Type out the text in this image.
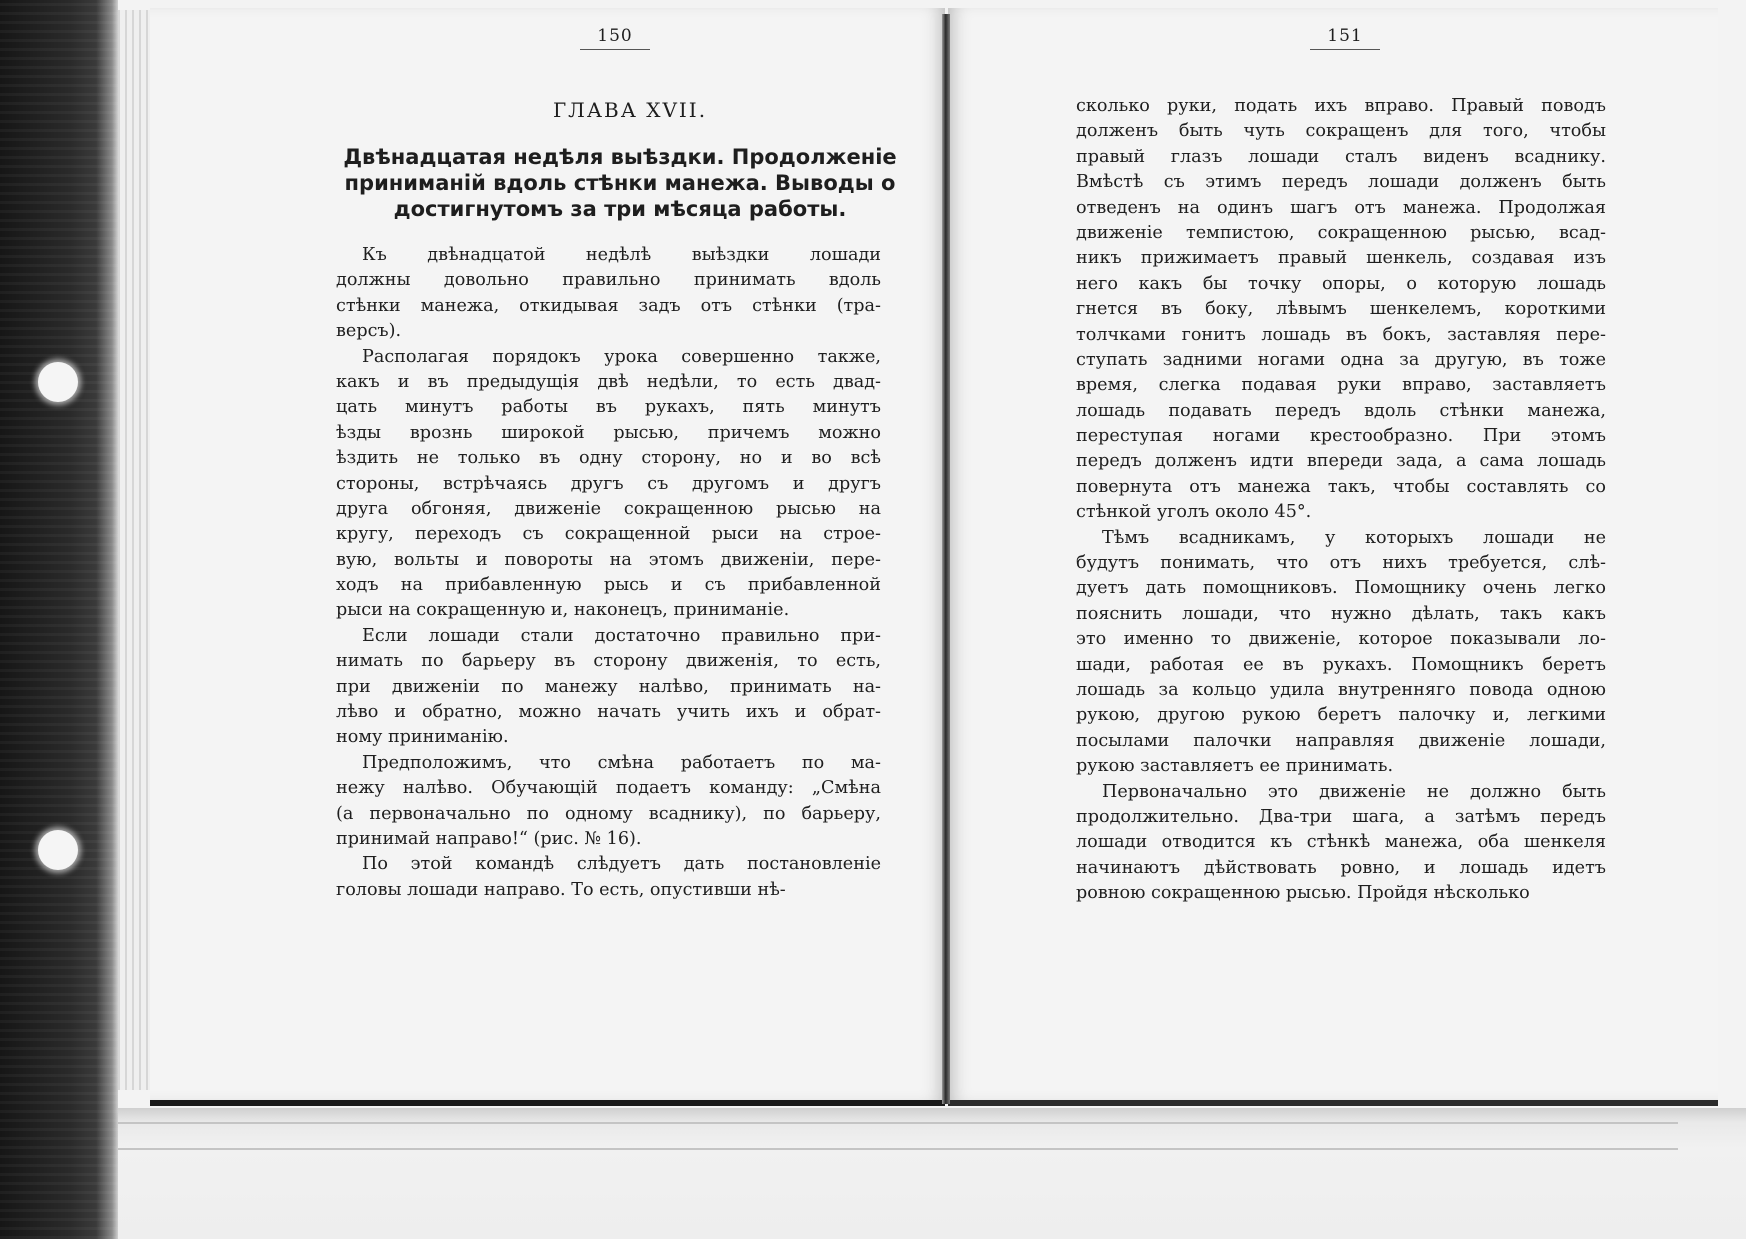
150
ГЛАВА XVII.
Двѣнадцатая недѣля выѣздки. Продолженіе приниманій вдоль стѣнки манежа. Выводы о достигнутомъ за три мѣсяца работы.
Къ двѣнадцатой недѣлѣ выѣздки лошади
должны довольно правильно принимать вдоль
стѣнки манежа, откидывая задъ отъ стѣнки (тра-
версъ).
Располагая порядокъ урока совершенно также,
какъ и въ предыдущія двѣ недѣли, то есть двад-
цать минутъ работы въ рукахъ, пять минутъ
ѣзды врознь широкой рысью, причемъ можно
ѣздить не только въ одну сторону, но и во всѣ
стороны, встрѣчаясь другъ съ другомъ и другъ
друга обгоняя, движеніе сокращенною рысью на
кругу, переходъ съ сокращенной рыси на строе-
вую, вольты и повороты на этомъ движеніи, пере-
ходъ на прибавленную рысь и съ прибавленной
рыси на сокращенную и, наконецъ, приниманіе.
Если лошади стали достаточно правильно при-
нимать по барьеру въ сторону движенія, то есть,
при движеніи по манежу налѣво, принимать на-
лѣво и обратно, можно начать учить ихъ и обрат-
ному приниманію.
Предположимъ, что смѣна работаетъ по ма-
нежу налѣво. Обучающій подаетъ команду: „Смѣна
(а первоначально по одному всаднику), по барьеру,
принимай направо!“ (рис. № 16).
По этой командѣ слѣдуетъ дать постановленіе
головы лошади направо. То есть, опустивши нѣ-
151
сколько руки, подать ихъ вправо. Правый поводъ
долженъ быть чуть сокращенъ для того, чтобы
правый глазъ лошади сталъ виденъ всаднику.
Вмѣстѣ съ этимъ передъ лошади долженъ быть
отведенъ на одинъ шагъ отъ манежа. Продолжая
движеніе темпистою, сокращенною рысью, всад-
никъ прижимаетъ правый шенкель, создавая изъ
него какъ бы точку опоры, о которую лошадь
гнется въ боку, лѣвымъ шенкелемъ, короткими
толчками гонитъ лошадь въ бокъ, заставляя пере-
ступать задними ногами одна за другую, въ тоже
время, слегка подавая руки вправо, заставляетъ
лошадь подавать передъ вдоль стѣнки манежа,
переступая ногами крестообразно. При этомъ
передъ долженъ идти впереди зада, а сама лошадь
повернута отъ манежа такъ, чтобы составлять со
стѣнкой уголъ около 45°.
Тѣмъ всадникамъ, у которыхъ лошади не
будутъ понимать, что отъ нихъ требуется, слѣ-
дуетъ дать помощниковъ. Помощнику очень легко
пояснить лошади, что нужно дѣлать, такъ какъ
это именно то движеніе, которое показывали ло-
шади, работая ее въ рукахъ. Помощникъ беретъ
лошадь за кольцо удила внутренняго повода одною
рукою, другою рукою беретъ палочку и, легкими
посылами палочки направляя движеніе лошади,
рукою заставляетъ ее принимать.
Первоначально это движеніе не должно быть
продолжительно. Два-три шага, а затѣмъ передъ
лошади отводится къ стѣнкѣ манежа, оба шенкеля
начинаютъ дѣйствовать ровно, и лошадь идетъ
ровною сокращенною рысью. Пройдя нѣсколько
